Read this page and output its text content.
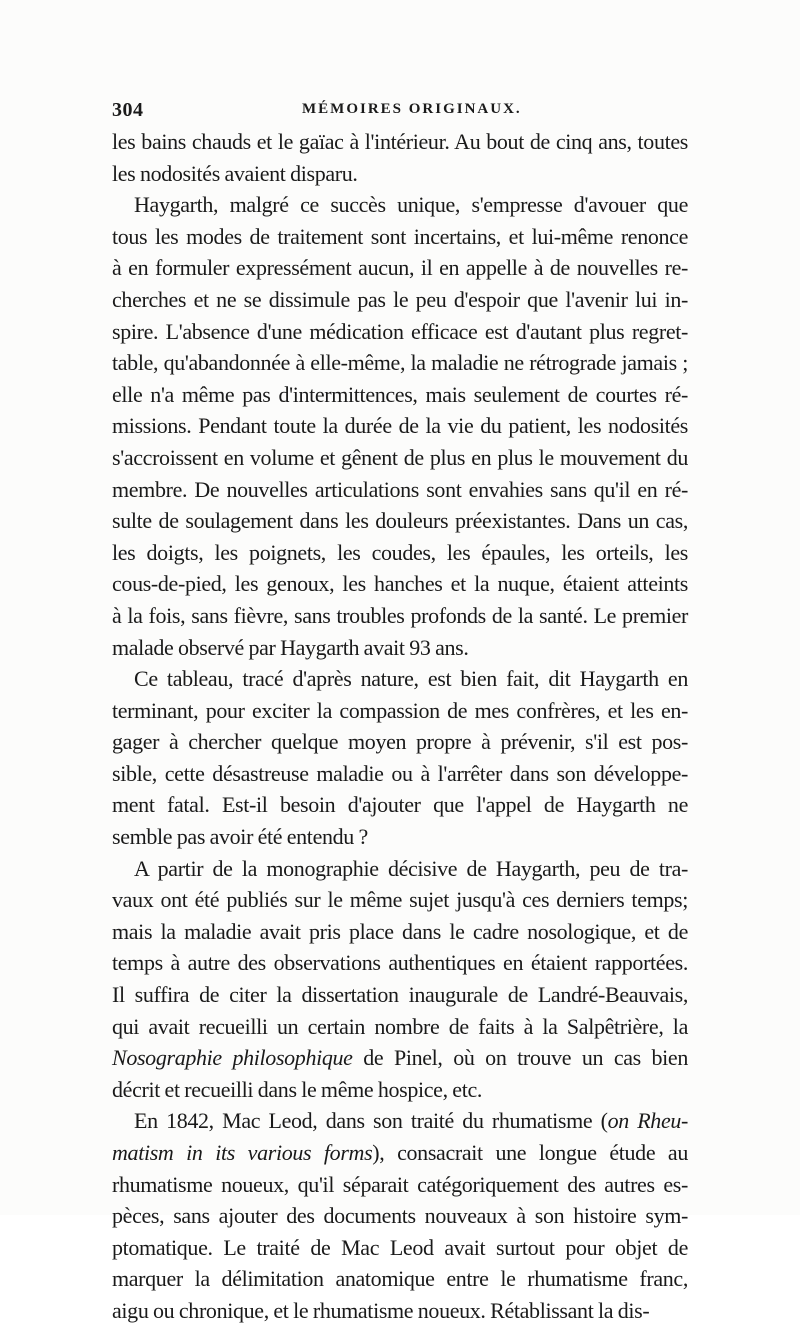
304	MÉMOIRES ORIGINAUX.

les bains chauds et le gaïac à l'intérieur. Au bout de cinq ans, toutes
les nodosités avaient disparu.

Haygarth, malgré ce succès unique, s'empresse d'avouer que
tous les modes de traitement sont incertains, et lui-même renonce
à en formuler expressément aucun, il en appelle à de nouvelles re-
cherches et ne se dissimule pas le peu d'espoir que l'avenir lui in-
spire. L'absence d'une médication efficace est d'autant plus regret-
table, qu'abandonnée à elle-même, la maladie ne rétrograde jamais ;
elle n'a même pas d'intermittences, mais seulement de courtes ré-
missions. Pendant toute la durée de la vie du patient, les nodosités
s'accroissent en volume et gênent de plus en plus le mouvement du
membre. De nouvelles articulations sont envahies sans qu'il en ré-
sulte de soulagement dans les douleurs préexistantes. Dans un cas,
les doigts, les poignets, les coudes, les épaules, les orteils, les
cous-de-pied, les genoux, les hanches et la nuque, étaient atteints
à la fois, sans fièvre, sans troubles profonds de la santé. Le premier
malade observé par Haygarth avait 93 ans.

Ce tableau, tracé d'après nature, est bien fait, dit Haygarth en
terminant, pour exciter la compassion de mes confrères, et les en-
gager à chercher quelque moyen propre à prévenir, s'il est pos-
sible, cette désastreuse maladie ou à l'arrêter dans son développe-
ment fatal. Est-il besoin d'ajouter que l'appel de Haygarth ne
semble pas avoir été entendu ?

A partir de la monographie décisive de Haygarth, peu de tra-
vaux ont été publiés sur le même sujet jusqu'à ces derniers temps;
mais la maladie avait pris place dans le cadre nosologique, et de
temps à autre des observations authentiques en étaient rapportées.
Il suffira de citer la dissertation inaugurale de Landré-Beauvais,
qui avait recueilli un certain nombre de faits à la Salpêtrière, la
Nosographie philosophique de Pinel, où on trouve un cas bien
décrit et recueilli dans le même hospice, etc.

En 1842, Mac Leod, dans son traité du rhumatisme (on Rheu-
matism in its various forms), consacrait une longue étude au
rhumatisme noueux, qu'il séparait catégoriquement des autres es-
pèces, sans ajouter des documents nouveaux à son histoire sym-
ptomatique. Le traité de Mac Leod avait surtout pour objet de
marquer la délimitation anatomique entre le rhumatisme franc,
aigu ou chronique, et le rhumatisme noueux. Rétablissant la dis-
